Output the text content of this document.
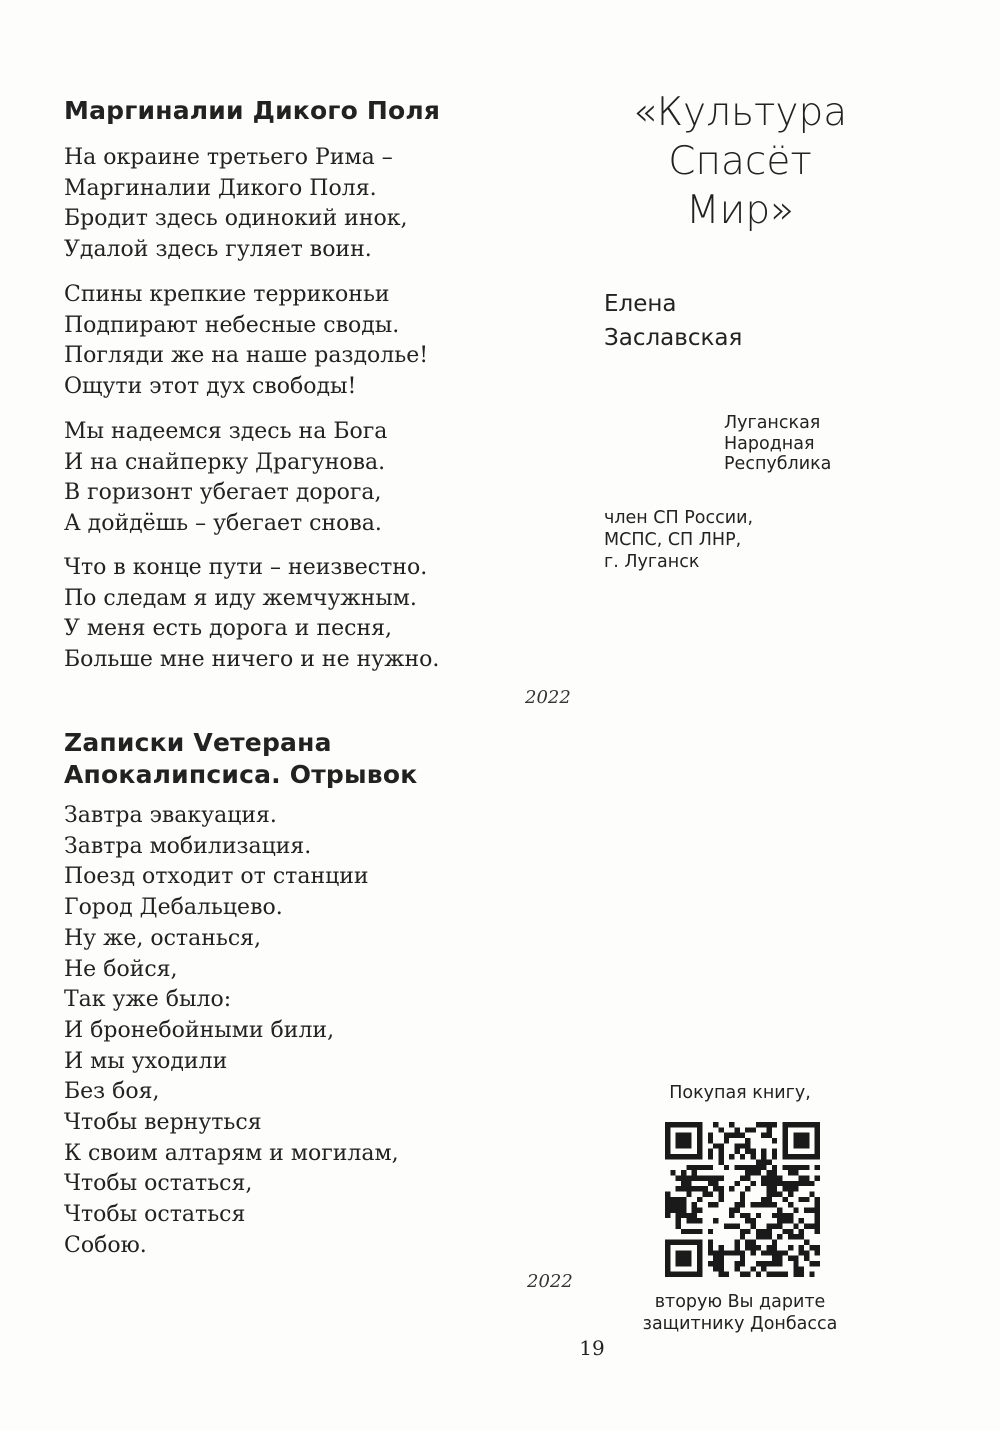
Маргиналии Дикого Поля
На окраине третьего Рима –
Маргиналии Дикого Поля.
Бродит здесь одинокий инок,
Удалой здесь гуляет воин.
Спины крепкие терриконьи
Подпирают небесные своды.
Погляди же на наше раздолье!
Ощути этот дух свободы!
Мы надеемся здесь на Бога
И на снайперку Драгунова.
В горизонт убегает дорога,
А дойдёшь – убегает снова.
Что в конце пути – неизвестно.
По следам я иду жемчужным.
У меня есть дорога и песня,
Больше мне ничего и не нужно.
2022
Zаписки Vетерана
Апокалипсиса. Отрывок
Завтра эвакуация.
Завтра мобилизация.
Поезд отходит от станции
Город Дебальцево.
Ну же, останься,
Не бойся,
Так уже было:
И бронебойными били,
И мы уходили
Без боя,
Чтобы вернуться
К своим алтарям и могилам,
Чтобы остаться,
Чтобы остаться
Собою.
2022
«Культура
Спасёт
Мир»
Елена
Заславская
Луганская
Народная
Республика
член СП России,
МСПС, СП ЛНР,
г. Луганск
Покупая книгу,
вторую Вы дарите
защитнику Донбасса
19
